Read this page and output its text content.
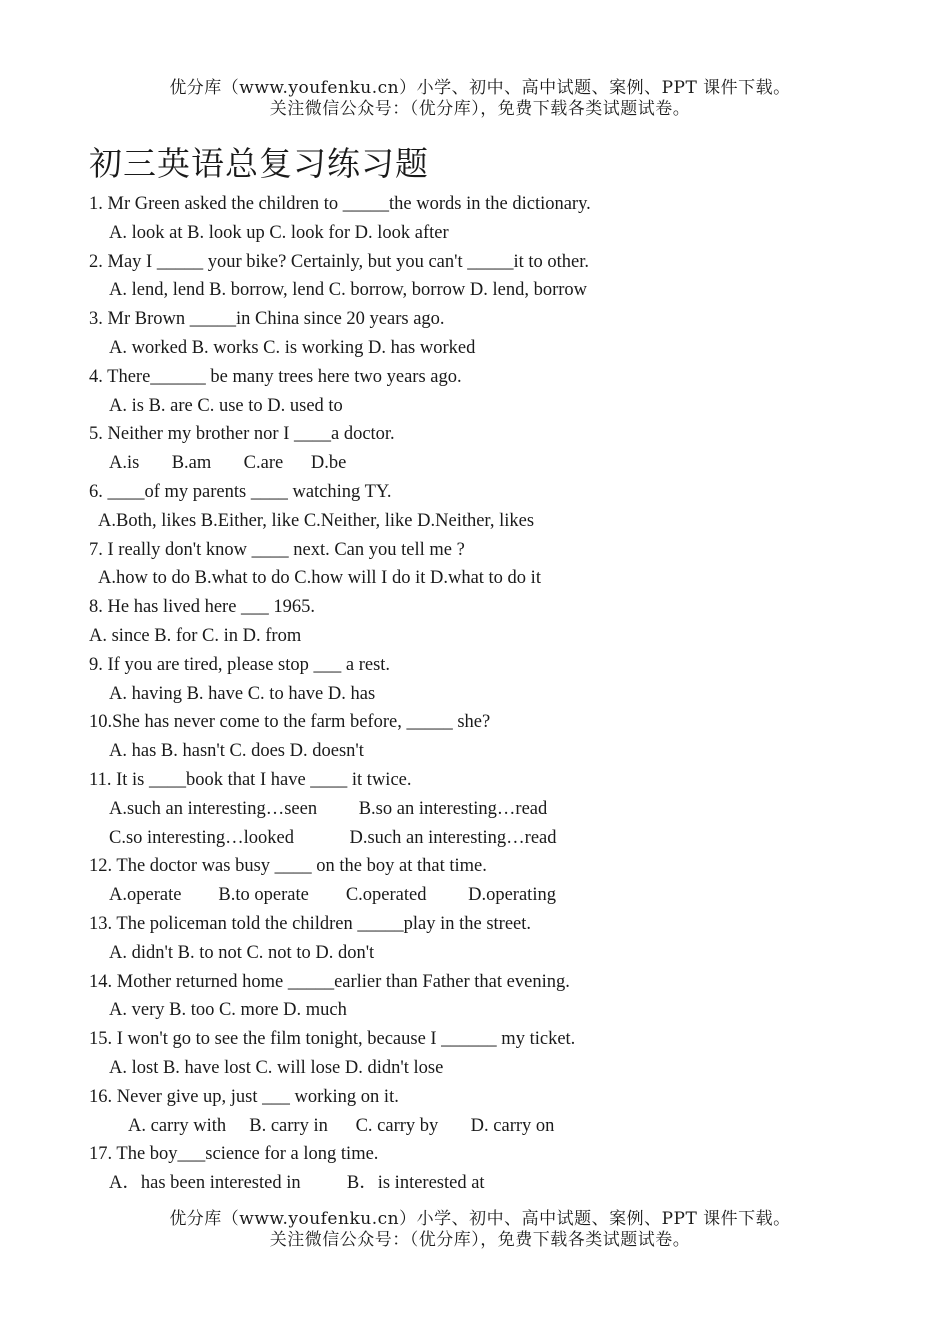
优分库（www.youfenku.cn）小学、初中、高中试题、案例、PPT 课件下载。
关注微信公众号：（优分库），免费下载各类试题试卷。
初三英语总复习练习题
1. Mr Green asked the children to _____the words in the dictionary.
A. look at B. look up C. look for D. look after
2. May I _____ your bike? Certainly, but you can't _____it to other.
A. lend, lend B. borrow, lend C. borrow, borrow D. lend, borrow
3. Mr Brown _____in China since 20 years ago.
A. worked B. works C. is working D. has worked
4. There______ be many trees here two years ago.
A. is B. are C. use to D. used to
5. Neither my brother nor I ____a doctor.
A.is       B.am       C.are      D.be
6. ____of my parents ____ watching TY.
A.Both, likes B.Either, like C.Neither, like D.Neither, likes
7. I really don't know ____ next. Can you tell me ?
A.how to do B.what to do C.how will I do it D.what to do it
8. He has lived here ___ 1965.
A. since B. for C. in D. from
9. If you are tired, please stop ___ a rest.
A. having B. have C. to have D. has
10.She has never come to the farm before, _____ she?
A. has B. hasn't C. does D. doesn't
11. It is ____book that I have ____ it twice.
A.such an interesting…seen         B.so an interesting…read
C.so interesting…looked            D.such an interesting…read
12. The doctor was busy ____ on the boy at that time.
A.operate        B.to operate        C.operated         D.operating
13. The policeman told the children _____play in the street.
A. didn't B. to not C. not to D. don't
14. Mother returned home _____earlier than Father that evening.
A. very B. too C. more D. much
15. I won't go to see the film tonight, because I ______ my ticket.
A. lost B. have lost C. will lose D. didn't lose
16. Never give up, just ___ working on it.
A. carry with     B. carry in      C. carry by       D. carry on
17. The boy___science for a long time.
A．has been interested in          B．is interested at
优分库（www.youfenku.cn）小学、初中、高中试题、案例、PPT 课件下载。
关注微信公众号：（优分库），免费下载各类试题试卷。
